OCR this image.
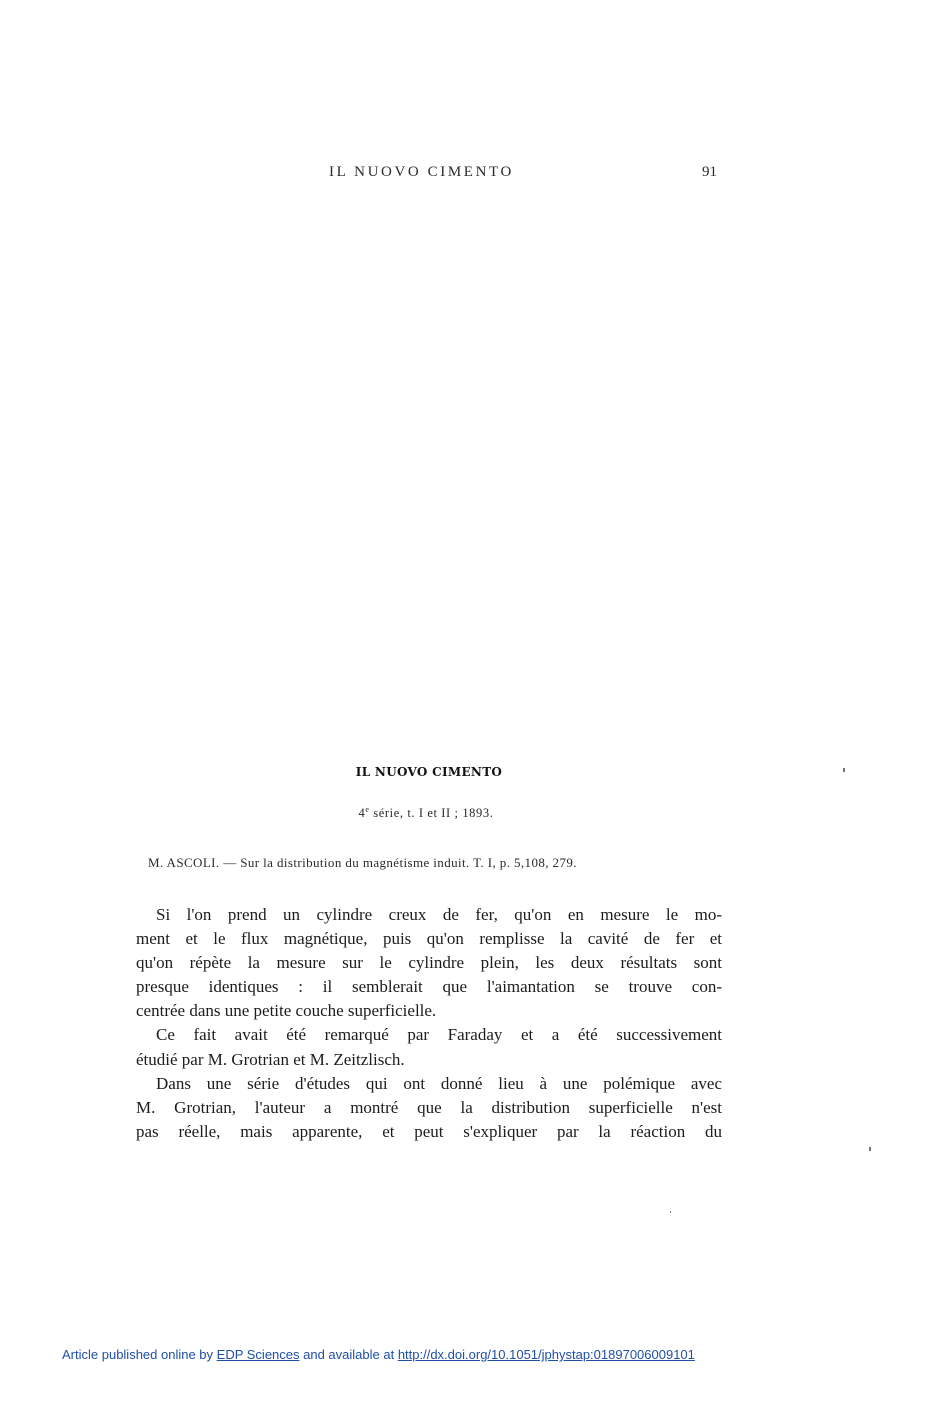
IL NUOVO CIMENTO	91
IL NUOVO CIMENTO
4e série, t. I et II ; 1893.
M. ASCOLI. — Sur la distribution du magnétisme induit. T. I, p. 5,108, 279.
Si l'on prend un cylindre creux de fer, qu'on en mesure le mo-
ment et le flux magnétique, puis qu'on remplisse la cavité de fer et
qu'on répète la mesure sur le cylindre plein, les deux résultats sont
presque identiques : il semblerait que l'aimantation se trouve con-
centrée dans une petite couche superficielle.
Ce fait avait été remarqué par Faraday et a été successivement
étudié par M. Grotrian et M. Zeitzlisch.
Dans une série d'études qui ont donné lieu à une polémique avec
M. Grotrian, l'auteur a montré que la distribution superficielle n'est
pas réelle, mais apparente, et peut s'expliquer par la réaction du
Article published online by EDP Sciences and available at http://dx.doi.org/10.1051/jphystap:01897006009101
